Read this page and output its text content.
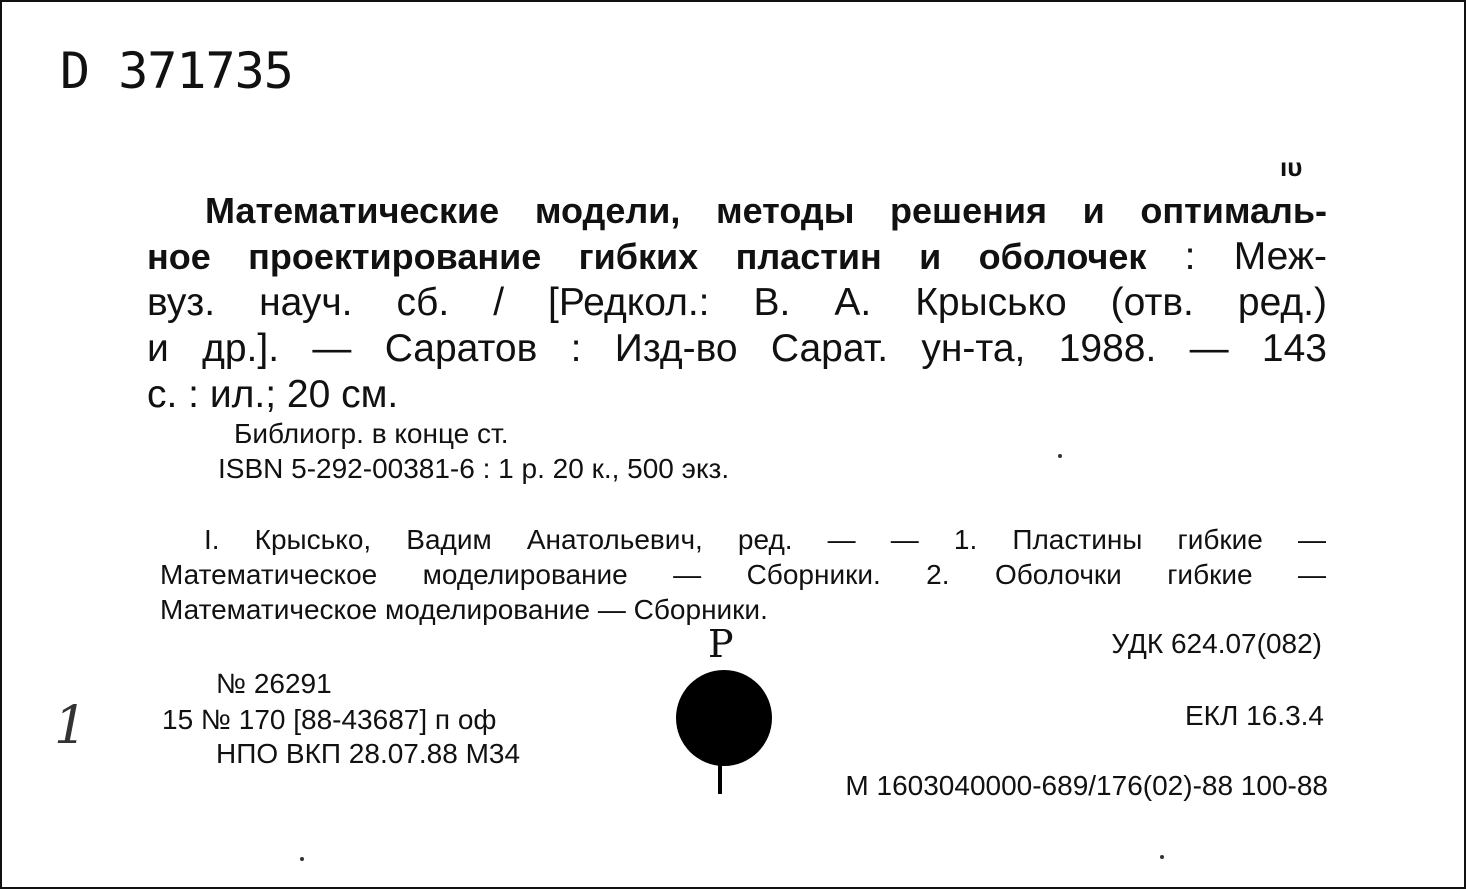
D 371735
ıυ
Математические модели, методы решения и оптималь-
ное проектирование гибких пластин и оболочек : Меж-
вуз. науч. сб. / [Редкол.: В. А. Крысько (отв. ред.)
и др.]. — Саратов : Изд-во Сарат. ун-та, 1988. — 143
с. : ил.; 20 см.
Библиогр. в конце ст.
ISBN 5-292-00381-6 : 1 р. 20 к., 500 экз.
I. Крысько, Вадим Анатольевич, ред. — — 1. Пластины гибкие —
Математическое моделирование — Сборники. 2. Оболочки гибкие —
Математическое моделирование — Сборники.
Р	УДК 624.07(082)
№ 26291
15 № 170 [88-43687] п оф
НПО ВКП 28.07.88 М34
1	ЕКЛ 16.3.4
М 1603040000-689/176(02)-88 100-88
